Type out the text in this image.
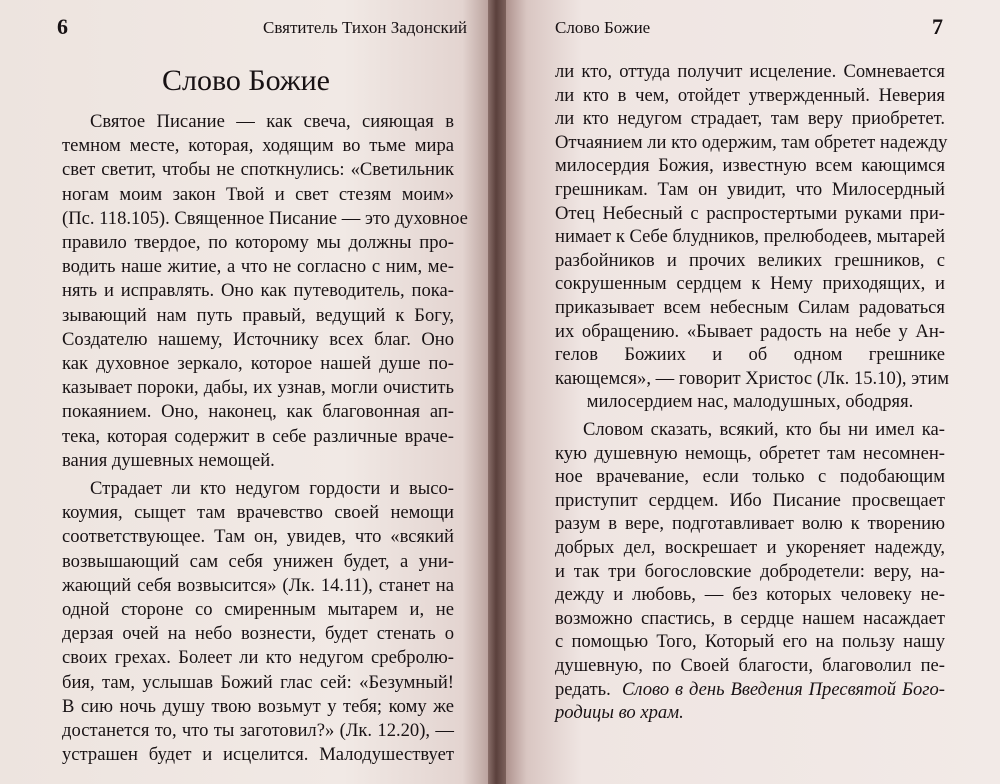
6	Святитель Тихон Задонский
Слово Божие
Слово Божие	7
Святое Писание — как свеча, сияющая в
темном месте, которая, ходящим во тьме мира
свет светит, чтобы не споткнулись: «Светильник
ногам моим закон Твой и свет стезям моим»
(Пс. 118.105). Священное Писание — это духовное
правило твердое, по которому мы должны про-
водить наше житие, а что не согласно с ним, ме-
нять и исправлять. Оно как путеводитель, пока-
зывающий нам путь правый, ведущий к Богу,
Создателю нашему, Источнику всех благ. Оно
как духовное зеркало, которое нашей душе по-
казывает пороки, дабы, их узнав, могли очистить
покаянием. Оно, наконец, как благовонная ап-
тека, которая содержит в себе различные враче-
вания душевных немощей.
Страдает ли кто недугом гордости и высо-
коумия, сыщет там врачевство своей немощи
соответствующее. Там он, увидев, что «всякий
возвышающий сам себя унижен будет, а уни-
жающий себя возвысится» (Лк. 14.11), станет на
одной стороне со смиренным мытарем и, не
дерзая очей на небо вознести, будет стенать о
своих грехах. Болеет ли кто недугом сребролю-
бия, там, услышав Божий глас сей: «Безумный!
В сию ночь душу твою возьмут у тебя; кому же
достанется то, что ты заготовил?» (Лк. 12.20), —
устрашен будет и исцелится. Малодушествует
ли кто, оттуда получит исцеление. Сомневается
ли кто в чем, отойдет утвержденный. Неверия
ли кто недугом страдает, там веру приобретет.
Отчаянием ли кто одержим, там обретет надежду
милосердия Божия, известную всем кающимся
грешникам. Там он увидит, что Милосердный
Отец Небесный с распростертыми руками при-
нимает к Себе блудников, прелюбодеев, мытарей
разбойников и прочих великих грешников, с
сокрушенным сердцем к Нему приходящих, и
приказывает всем небесным Силам радоваться
их обращению. «Бывает радость на небе у Ан-
гелов Божиих и об одном грешнике
кающемся», — говорит Христос (Лк. 15.10), этим
милосердием нас, малодушных, ободряя.
Словом сказать, всякий, кто бы ни имел ка-
кую душевную немощь, обретет там несомнен-
ное врачевание, если только с подобающим
приступит сердцем. Ибо Писание просвещает
разум в вере, подготавливает волю к творению
добрых дел, воскрешает и укореняет надежду,
и так три богословские добродетели: веру, на-
дежду и любовь, — без которых человеку не-
возможно спастись, в сердце нашем насаждает
с помощью Того, Который его на пользу нашу
душевную, по Своей благости, благоволил пе-
редать. Слово в день Введения Пресвятой Бого-
родицы во храм.
